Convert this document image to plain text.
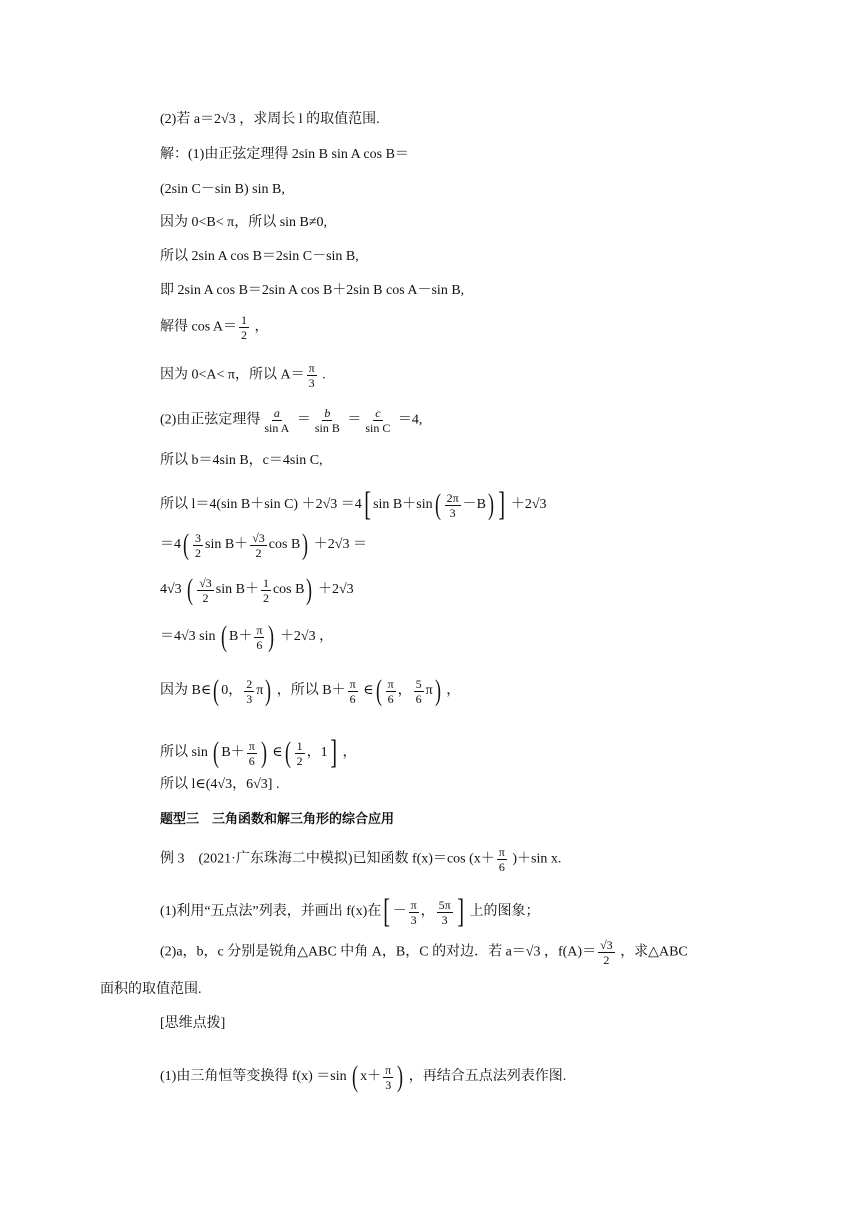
(2)若 a＝2√3 ，求周长 l 的取值范围.
解：(1)由正弦定理得 2sin B sin A cos B＝
(2sin C－sin B) sin B,
因为 0<B< π，所以 sin B≠0,
所以 2sin A cos B＝2sin C－sin B,
即 2sin A cos B＝2sin A cos B＋2sin B cos A－sin B,
解得 $\cos A= \frac{1}{2}$ ，
因为 0<A< π，所以 $A= \frac{\pi}{3}$ .
(2)由正弦定理得 $\frac{a}{\text{sin A}} = \frac{b}{\text{sin B}} = \frac{c}{\text{sin C}} =4$,
所以 b＝4sin B，c＝4sin C,
所以 l＝4(sin B＋sin C) ＋2√3 ＝4[ $\sin B+\sin( \frac{2\pi}{3} -B)$ ] ＋2√3
$=4( \frac{3}{2}$ $\sin B+ \frac{√3}{2}$ cos B) ＋2√3 ＝
4√3 ( $\frac{√3}{2}$ $\sin B+ \frac{1}{2}$ cos B) ＋2√3
＝4√3 sin ( $B+ \frac{\pi}{6}$ ) ＋2√3 ，
因为 B∈( 0， $\frac{2}{3} \pi$) ，所以 $B+ \frac{\pi}{6}$ ∈( $\frac{\pi}{6}$ ， $\frac{5}{6} \pi$) ，
所以 sin ( $B+ \frac{\pi}{6}$ ) ∈( $\frac{1}{2}$ ，1] ，
所以 l∈(4√3，6√3] .
题型三　三角函数和解三角形的综合应用
例 3　(2021·广东珠海二中模拟)已知函数 f(x)＝cos $(x+ \frac{\pi}{6} )+\sin$ x.
(1)利用“五点法”列表，并画出 f(x)在[ － $\frac{\pi}{3}$ ， $\frac{5\pi}{3}$ ] 上的图象；
(2)a，b，c 分别是锐角△ABC 中角 A，B，C 的对边．若 a＝√3 ，$f(A)= \frac{√3}{2}$ ，求△ABC
面积的取值范围.
[思维点拨]
(1)由三角恒等变换得 f(x) ＝sin ( $x+ \frac{\pi}{3}$ ) ，再结合五点法列表作图.
